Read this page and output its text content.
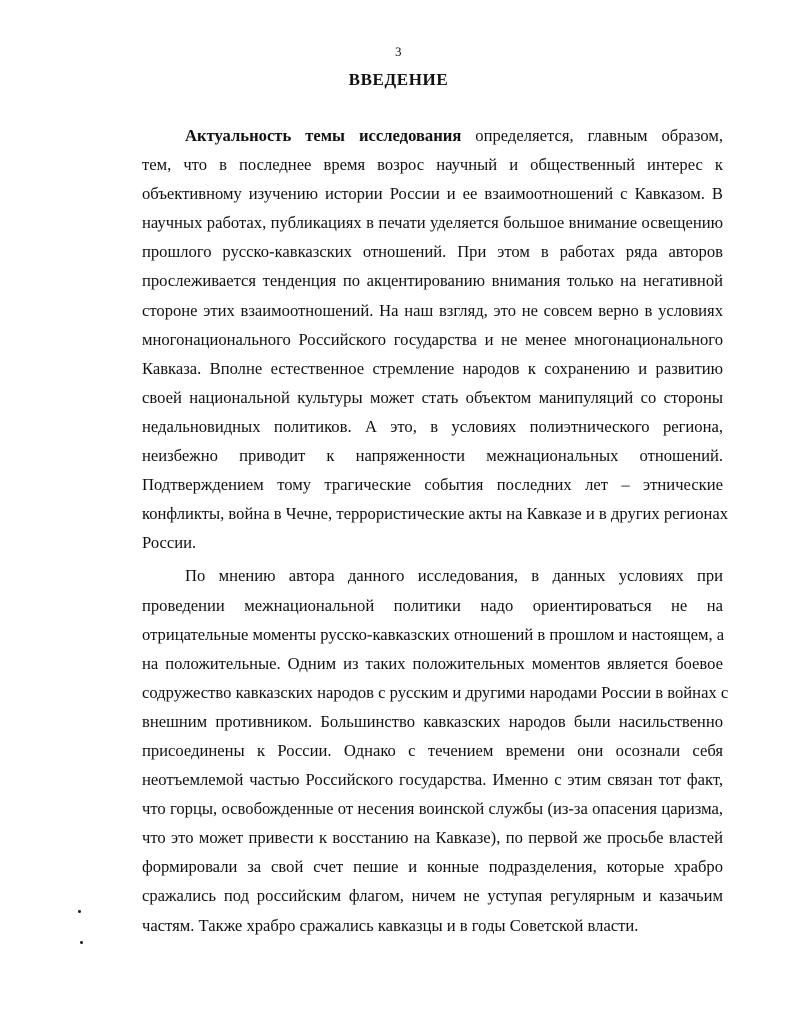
3
ВВЕДЕНИЕ
Актуальность темы исследования определяется, главным образом,
тем, что в последнее время возрос научный и общественный интерес к
объективному изучению истории России и ее взаимоотношений с Кавказом. В
научных работах, публикациях в печати уделяется большое внимание освещению
прошлого русско-кавказских отношений. При этом в работах ряда авторов
прослеживается тенденция по акцентированию внимания только на негативной
стороне этих взаимоотношений. На наш взгляд, это не совсем верно в условиях
многонационального Российского государства и не менее многонационального
Кавказа. Вполне естественное стремление народов к сохранению и развитию
своей национальной культуры может стать объектом манипуляций со стороны
недальновидных политиков. А это, в условиях полиэтнического региона,
неизбежно приводит к напряженности межнациональных отношений.
Подтверждением тому трагические события последних лет – этнические
конфликты, война в Чечне, террористические акты на Кавказе и в других регионах
России.
По мнению автора данного исследования, в данных условиях при
проведении межнациональной политики надо ориентироваться не на
отрицательные моменты русско-кавказских отношений в прошлом и настоящем, а
на положительные. Одним из таких положительных моментов является боевое
содружество кавказских народов с русским и другими народами России в войнах с
внешним противником. Большинство кавказских народов были насильственно
присоединены к России. Однако с течением времени они осознали себя
неотъемлемой частью Российского государства. Именно с этим связан тот факт,
что горцы, освобожденные от несения воинской службы (из-за опасения царизма,
что это может привести к восстанию на Кавказе), по первой же просьбе властей
формировали за свой счет пешие и конные подразделения, которые храбро
сражались под российским флагом, ничем не уступая регулярным и казачьим
частям. Также храбро сражались кавказцы и в годы Советской власти.
